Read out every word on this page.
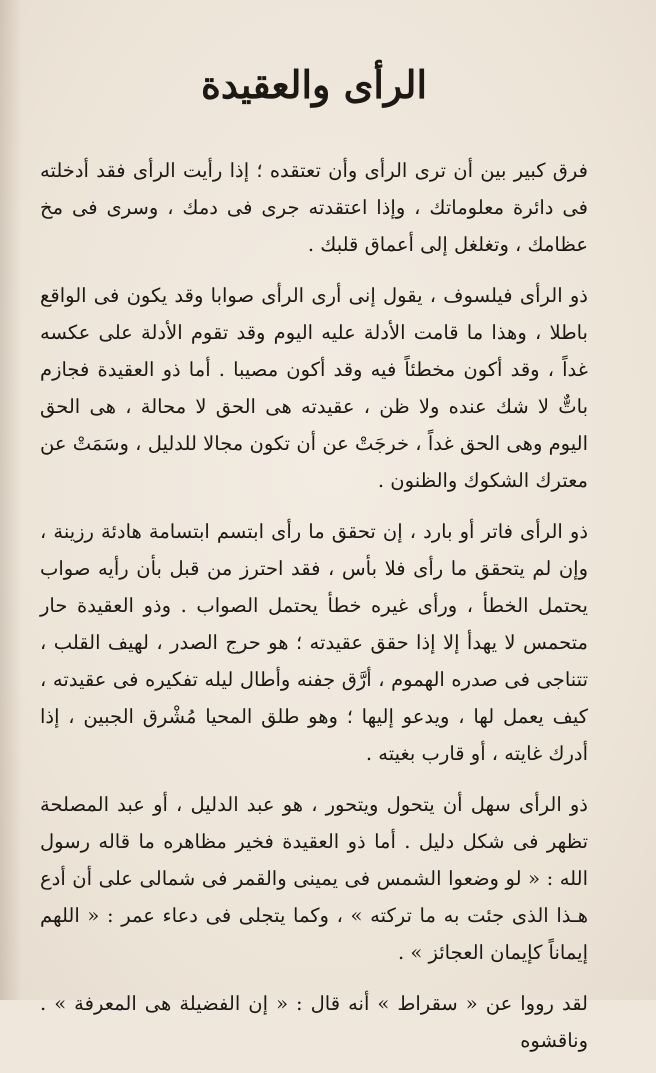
الرأى والعقيدة

فرق كبير بين أن ترى الرأى وأن تعتقده ؛ إذا رأيت الرأى فقد أدخلته فى دائرة معلوماتك ، وإذا اعتقدته جرى فى دمك ، وسرى فى مخ عظامك ، وتغلغل إلى أعماق قلبك .

ذو الرأى فيلسوف ، يقول إنى أرى الرأى صوابا وقد يكون فى الواقع باطلا ، وهذا ما قامت الأدلة عليه اليوم وقد تقوم الأدلة على عكسه غداً ، وقد أكون مخطئاً فيه وقد أكون مصيبا . أما ذو العقيدة فجازم باتٌّ لا شك عنده ولا ظن ، عقيدته هى الحق لا محالة ، هى الحق اليوم وهى الحق غداً ، خرجَتْ عن أن تكون مجالا للدليل ، وسَمَتْ عن معترك الشكوك والظنون .

ذو الرأى فاتر أو بارد ، إن تحقق ما رأى ابتسم ابتسامة هادئة رزينة ، وإن لم يتحقق ما رأى فلا بأس ، فقد احترز من قبل بأن رأيه صواب يحتمل الخطأ ، ورأى غيره خطأ يحتمل الصواب . وذو العقيدة حار متحمس لا يهدأ إلا إذا حقق عقيدته ؛ هو حرج الصدر ، لهيف القلب ، تتناجى فى صدره الهموم ، أرَّق جفنه وأطال ليله تفكيره فى عقيدته ، كيف يعمل لها ، ويدعو إليها ؛ وهو طلق المحيا مُشْرق الجبين ، إذا أدرك غايته ، أو قارب بغيته .

ذو الرأى سهل أن يتحول ويتحور ، هو عبد الدليل ، أو عبد المصلحة تظهر فى شكل دليل . أما ذو العقيدة فخير مظاهره ما قاله رسول الله : « لو وضعوا الشمس فى يمينى والقمر فى شمالى على أن أدع هـذا الذى جئت به ما تركته » ، وكما يتجلى فى دعاء عمر : « اللهم إيماناً كإيمان العجائز » .

لقد رووا عن « سقراط » أنه قال : « إن الفضيلة هى المعرفة » . وناقشوه
